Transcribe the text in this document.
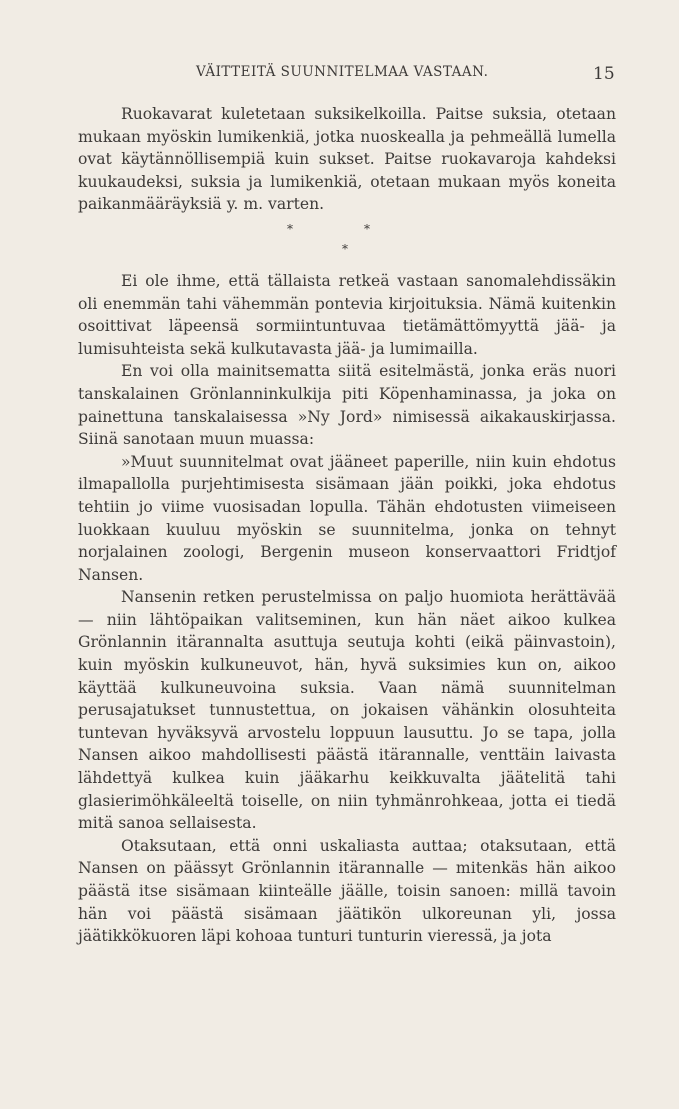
VÄITTEITÄ SUUNNITELMAA VASTAAN.	15

Ruokavarat kuletetaan suksikelkoilla. Paitse suksia, otetaan mukaan myöskin lumikenkiä, jotka nuoskealla ja pehmeällä lumella ovat käytännöllisempiä kuin sukset. Paitse ruokavaroja kahdeksi kuukaudeksi, suksia ja lumikenkiä, otetaan mukaan myös koneita paikanmääräyksiä y. m. varten.

*	*
*

Ei ole ihme, että tällaista retkeä vastaan sanomalehdissäkin oli enemmän tahi vähemmän pontevia kirjoituksia. Nämä kuitenkin osoittivat läpeensä sormiintuntuvaa tietämättömyyttä jää- ja lumisuhteista sekä kulkutavasta jää- ja lumimailla.

En voi olla mainitsematta siitä esitelmästä, jonka eräs nuori tanskalainen Grönlanninkulkija piti Köpenhaminassa, ja joka on painettuna tanskalaisessa »Ny Jord» nimisessä aikakauskirjassa. Siinä sanotaan muun muassa:

»Muut suunnitelmat ovat jääneet paperille, niin kuin ehdotus ilmapallolla purjehtimisesta sisämaan jään poikki, joka ehdotus tehtiin jo viime vuosisadan lopulla. Tähän ehdotusten viimeiseen luokkaan kuuluu myöskin se suunnitelma, jonka on tehnyt norjalainen zoologi, Bergenin museon konservaattori Fridtjof Nansen.

Nansenin retken perustelmissa on paljo huomiota herättävää — niin lähtöpaikan valitseminen, kun hän näet aikoo kulkea Grönlannin itärannalta asuttuja seutuja kohti (eikä päinvastoin), kuin myöskin kulkuneuvot, hän, hyvä suksimies kun on, aikoo käyttää kulkuneuvoina suksia. Vaan nämä suunnitelman perusajatukset tunnustettua, on jokaisen vähänkin olosuhteita tuntevan hyväksyvä arvostelu loppuun lausuttu. Jo se tapa, jolla Nansen aikoo mahdollisesti päästä itärannalle, venttäin laivasta lähdettyä kulkea kuin jääkarhu keikkuvalta jäätelitä tahi glasierimöhkäleeltä toiselle, on niin tyhmänrohkeaa, jotta ei tiedä mitä sanoa sellaisesta.

Otaksutaan, että onni uskaliasta auttaa; otaksutaan, että Nansen on päässyt Grönlannin itärannalle — mitenkäs hän aikoo päästä itse sisämaan kiinteälle jäälle, toisin sanoen: millä tavoin hän voi päästä sisämaan jäätikön ulkoreunan yli, jossa jäätikkökuoren läpi kohoaa tunturi tunturin vieressä, ja jota
